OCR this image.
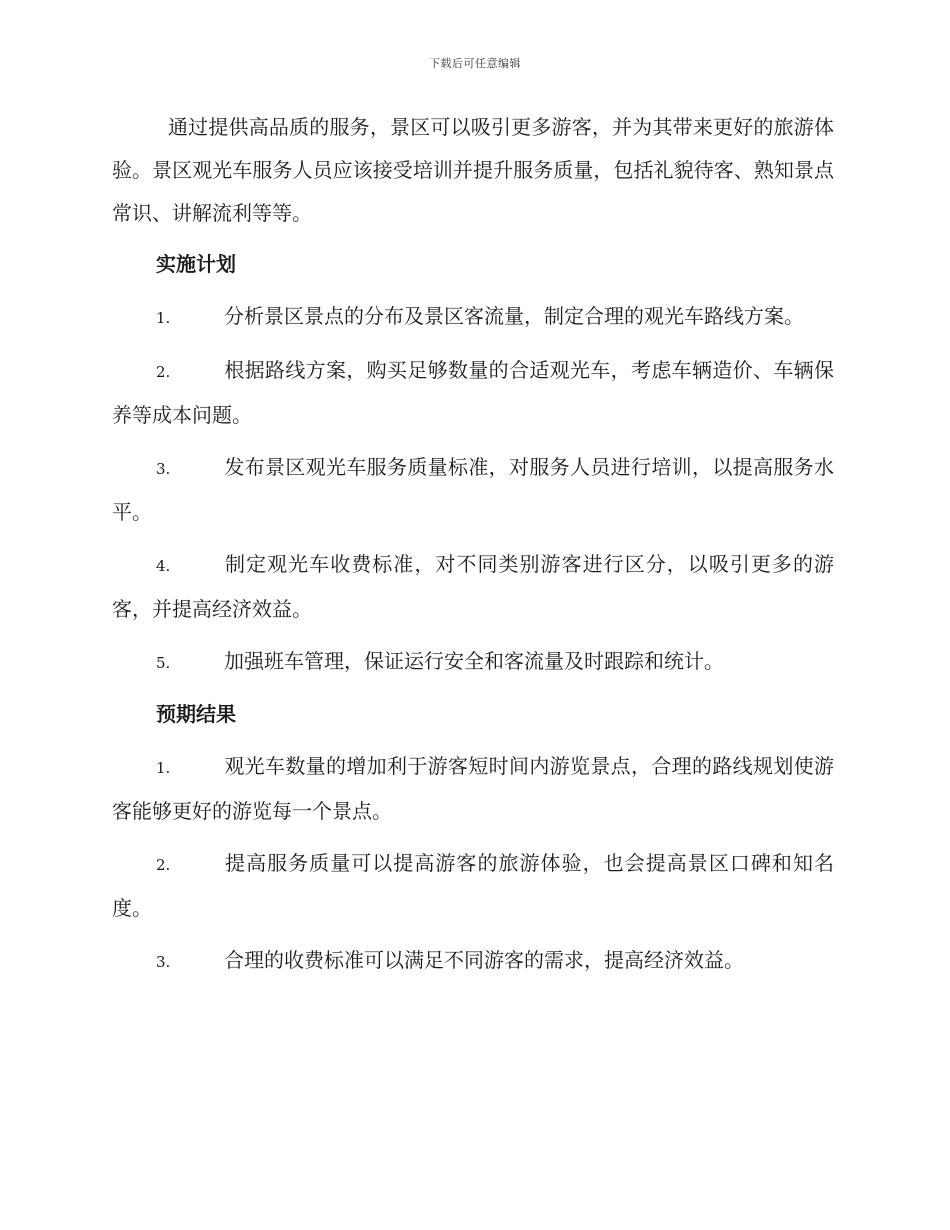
下载后可任意编辑

通过提供高品质的服务，景区可以吸引更多游客，并为其带来更好的旅游体验。景区观光车服务人员应该接受培训并提升服务质量，包括礼貌待客、熟知景点常识、讲解流利等等。

实施计划
1.	分析景区景点的分布及景区客流量，制定合理的观光车路线方案。
2.	根据路线方案，购买足够数量的合适观光车，考虑车辆造价、车辆保养等成本问题。
3.	发布景区观光车服务质量标准，对服务人员进行培训，以提高服务水平。
4.	制定观光车收费标准，对不同类别游客进行区分，以吸引更多的游客，并提高经济效益。
5.	加强班车管理，保证运行安全和客流量及时跟踪和统计。
预期结果
1.	观光车数量的增加利于游客短时间内游览景点，合理的路线规划使游客能够更好的游览每一个景点。
2.	提高服务质量可以提高游客的旅游体验，也会提高景区口碑和知名度。
3.	合理的收费标准可以满足不同游客的需求，提高经济效益。
